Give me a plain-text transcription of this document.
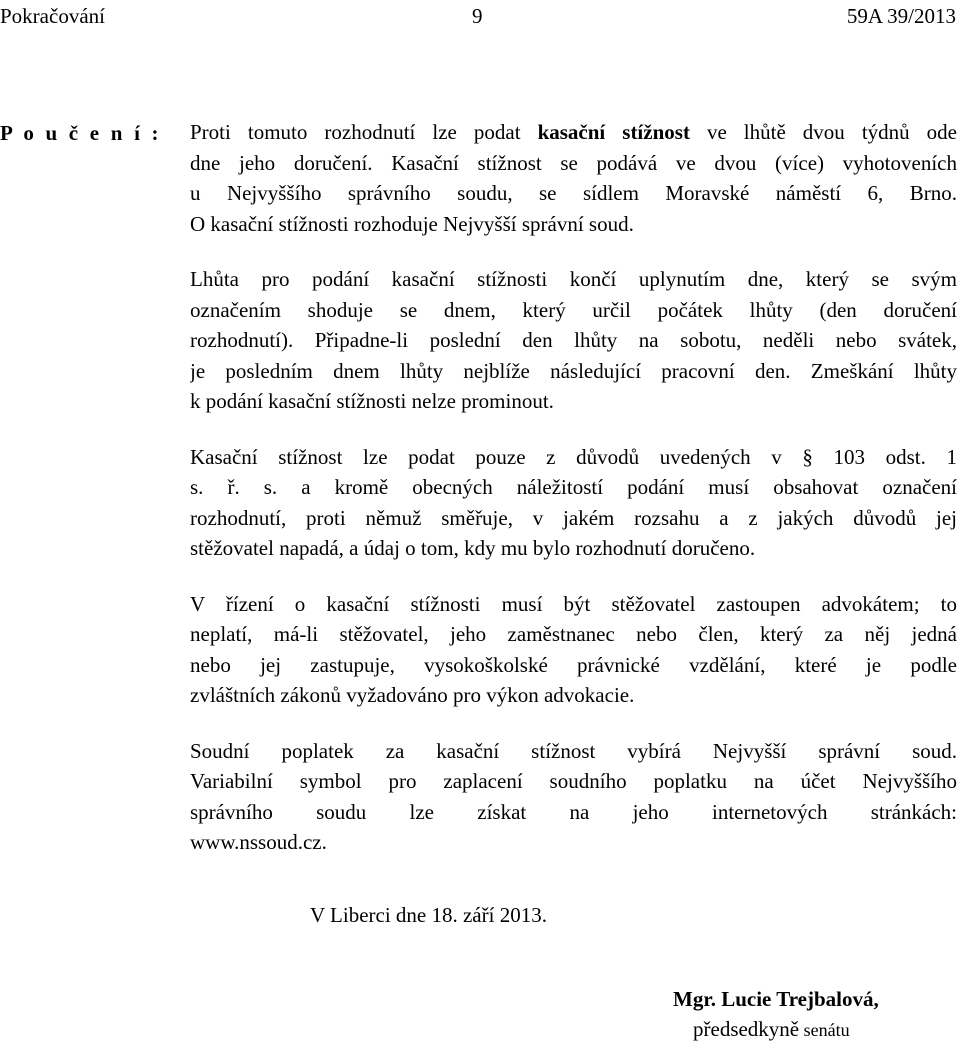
Pokračování	9	59A 39/2013
P o u č e n í : Proti tomuto rozhodnutí lze podat kasační stížnost ve lhůtě dvou týdnů ode
dne jeho doručení. Kasační stížnost se podává ve dvou (více) vyhotoveních
u Nejvyššího správního soudu, se sídlem Moravské náměstí 6, Brno.
O kasační stížnosti rozhoduje Nejvyšší správní soud.

Lhůta pro podání kasační stížnosti končí uplynutím dne, který se svým
označením shoduje se dnem, který určil počátek lhůty (den doručení
rozhodnutí). Připadne-li poslední den lhůty na sobotu, neděli nebo svátek,
je posledním dnem lhůty nejblíže následující pracovní den. Zmeškání lhůty
k podání kasační stížnosti nelze prominout.

Kasační stížnost lze podat pouze z důvodů uvedených v § 103 odst. 1
s. ř. s. a kromě obecných náležitostí podání musí obsahovat označení
rozhodnutí, proti němuž směřuje, v jakém rozsahu a z jakých důvodů jej
stěžovatel napadá, a údaj o tom, kdy mu bylo rozhodnutí doručeno.

V řízení o kasační stížnosti musí být stěžovatel zastoupen advokátem; to
neplatí, má-li stěžovatel, jeho zaměstnanec nebo člen, který za něj jedná
nebo jej zastupuje, vysokoškolské právnické vzdělání, které je podle
zvláštních zákonů vyžadováno pro výkon advokacie.

Soudní poplatek za kasační stížnost vybírá Nejvyšší správní soud.
Variabilní symbol pro zaplacení soudního poplatku na účet Nejvyššího
správního soudu lze získat na jeho internetových stránkách:
www.nssoud.cz.

V Liberci dne 18. září 2013.
Mgr. Lucie Trejbalová,
předsedkyně senátu
